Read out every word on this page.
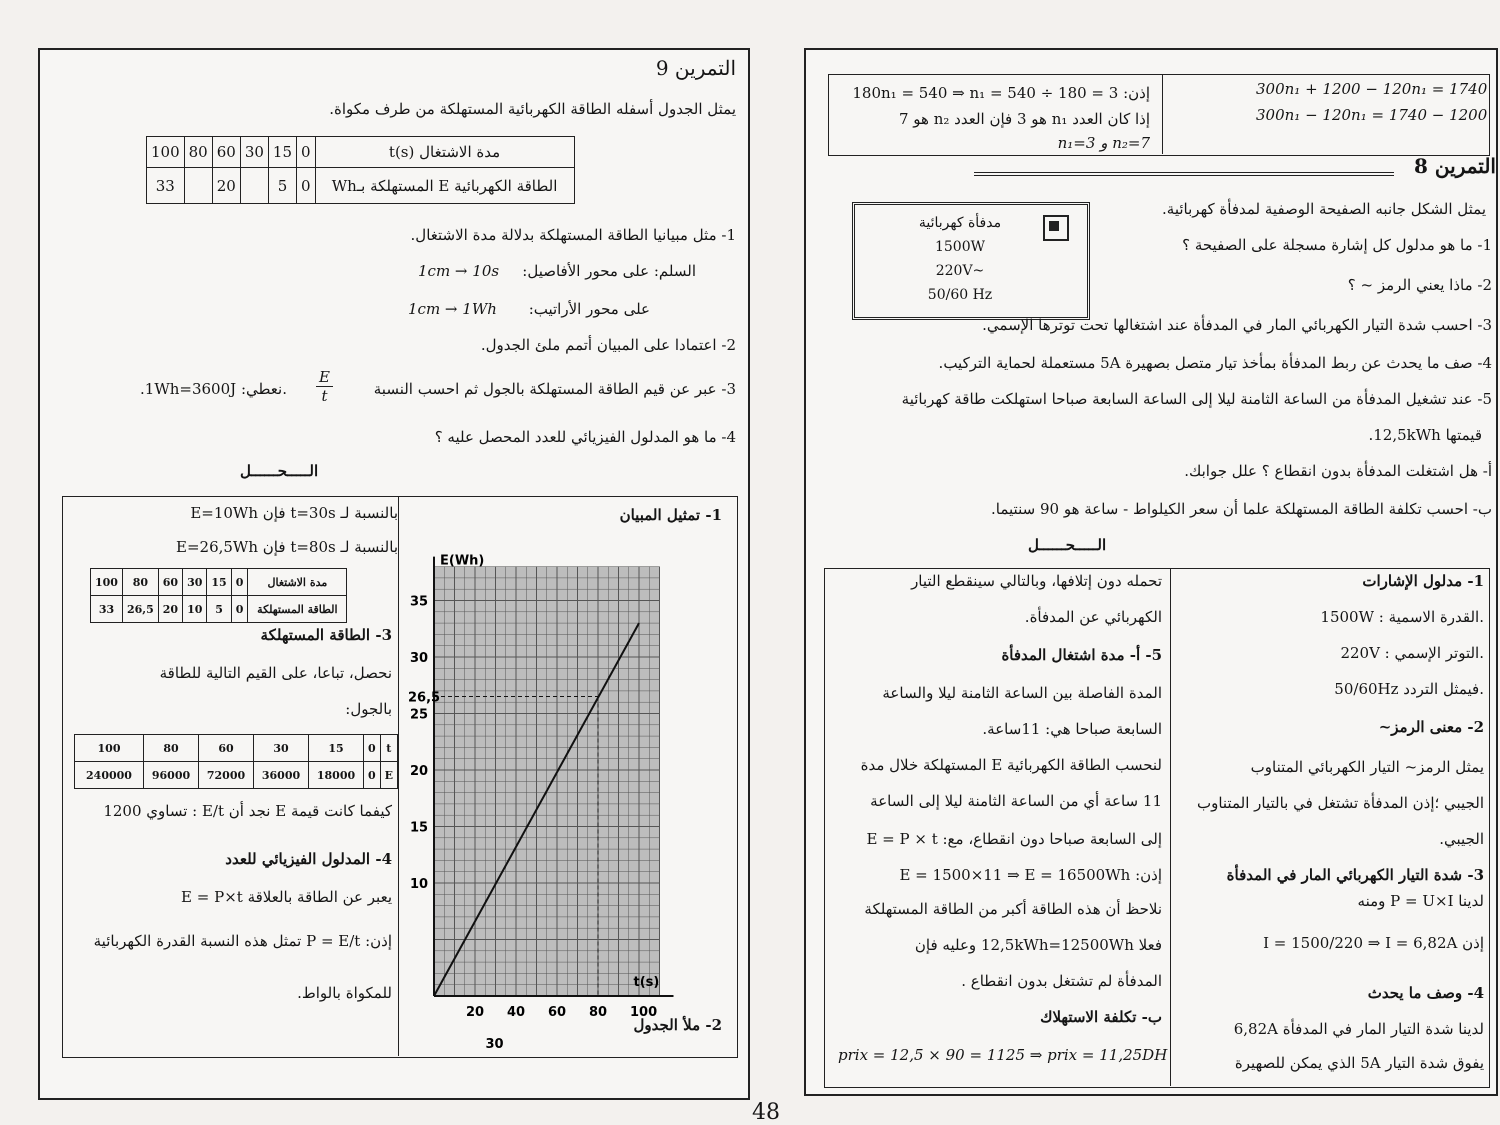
التمرين 9
يمثل الجدول أسفله الطاقة الكهربائية المستهلكة من طرف مكواة.
100	80	60	30	15	0	مدة الاشتغال t(s)
33		20		5	0	الطاقة الكهربائية E المستهلكة بـWh
1- مثل مبيانيا الطاقة المستهلكة بدلالة مدة الاشتغال.
السلم: على محور الأفاصيل:
1cm → 10s
على محور الأراتيب:
1cm → 1Wh
2- اعتمادا على المبيان أتمم ملئ الجدول.
3- عبر عن قيم الطاقة المستهلكة بالجول ثم احسب النسبة
$\frac{E}{t}$
.نعطي: 1Wh=3600J.
4- ما هو المدلول الفيزيائي للعدد المحصل عليه ؟
الـــــحــــــل
1- تمثيل المبيان
t(s)
E(Wh)
20 40 60 80 100
10
15
20
25
30
35
26,5
30
2- ملأ الجدول
بالنسبة لـ t=30s فإن E=10Wh
بالنسبة لـ t=80s فإن E=26,5Wh
100	80	60	30	15	0	مدة الاشتغال
33	26,5	20	10	5	0	الطاقة المستهلكة
3- الطاقة المستهلكة
نحصل، تباعا، على القيم التالية للطاقة
بالجول:
100	80	60	30	15	0	t
240000	96000	72000	36000	18000	0	E
كيفما كانت قيمة E نجد أن E/t : تساوي 1200
4- المدلول الفيزيائي للعدد
يعبر عن الطاقة بالعلاقة E = P×t
إذن: P = E/t تمثل هذه النسبة القدرة الكهربائية
للمكواة بالواط.
300n₁ + 1200 − 120n₁ = 1740
300n₁ − 120n₁ = 1740 − 1200
إذن: 180n₁ = 540 ⇒ n₁ = 540 ÷ 180 = 3
إذا كان العدد n₁ هو 3 فإن العدد n₂ هو 7
n₁=3 و n₂=7
التمرين 8
يمثل الشكل جانبه الصفيحة الوصفية لمدفأة كهربائية.
مدفأة كهربائية
1500W
220V~
50/60 Hz
1- ما هو مدلول كل إشارة مسجلة على الصفيحة ؟
2- ماذا يعني الرمز ~ ؟
3- احسب شدة التيار الكهربائي المار في المدفأة عند اشتغالها تحت توترها الإسمي.
4- صف ما يحدث عن ربط المدفأة بمأخذ تيار متصل بصهيرة 5A مستعملة لحماية التركيب.
5- عند تشغيل المدفأة من الساعة الثامنة ليلا إلى الساعة السابعة صباحا استهلكت طاقة كهربائية
قيمتها 12,5kWh.
أ- هل اشتغلت المدفأة بدون انقطاع ؟ علل جوابك.
ب- احسب تكلفة الطاقة المستهلكة علما أن سعر الكيلواط - ساعة هو 90 سنتيما.
الـــــحــــــل
1- مدلول الإشارات
1500W : القدرة الاسمية.
220V : التوتر الإسمي.
50/60Hz فيمثل التردد.
2- معنى الرمز~
يمثل الرمز~ التيار الكهربائي المتناوب
الجيبي ؛إذن المدفأة تشتغل في بالتيار المتناوب
الجيبي.
3- شدة التيار الكهربائي المار في المدفأة
لدينا P = U×I ومنه
إذن I = 1500/220 ⇒ I = 6,82A
4- وصف ما يحدث
لدينا شدة التيار المار في المدفأة 6,82A
يفوق شدة التيار 5A الذي يمكن للصهيرة
تحمله دون إتلافها، وبالتالي سينقطع التيار
الكهربائي عن المدفأة.
5- أ- مدة اشتغال المدفأة
المدة الفاصلة بين الساعة الثامنة ليلا والساعة
السابعة صباحا هي: 11ساعة.
لنحسب الطاقة الكهربائية E المستهلكة خلال مدة
11 ساعة أي من الساعة الثامنة ليلا إلى الساعة
إلى السابعة صباحا دون انقطاع، مع: E = P × t
إذن: E = 1500×11 ⇒ E = 16500Wh
نلاحظ أن هذه الطاقة أكبر من الطاقة المستهلكة
فعلا 12,5kWh=12500Wh وعليه فإن
المدفأة لم تشتغل بدون انقطاع .
ب- تكلفة الاستهلاك
prix = 12,5 × 90 = 1125 ⇒ prix = 11,25DH
48
